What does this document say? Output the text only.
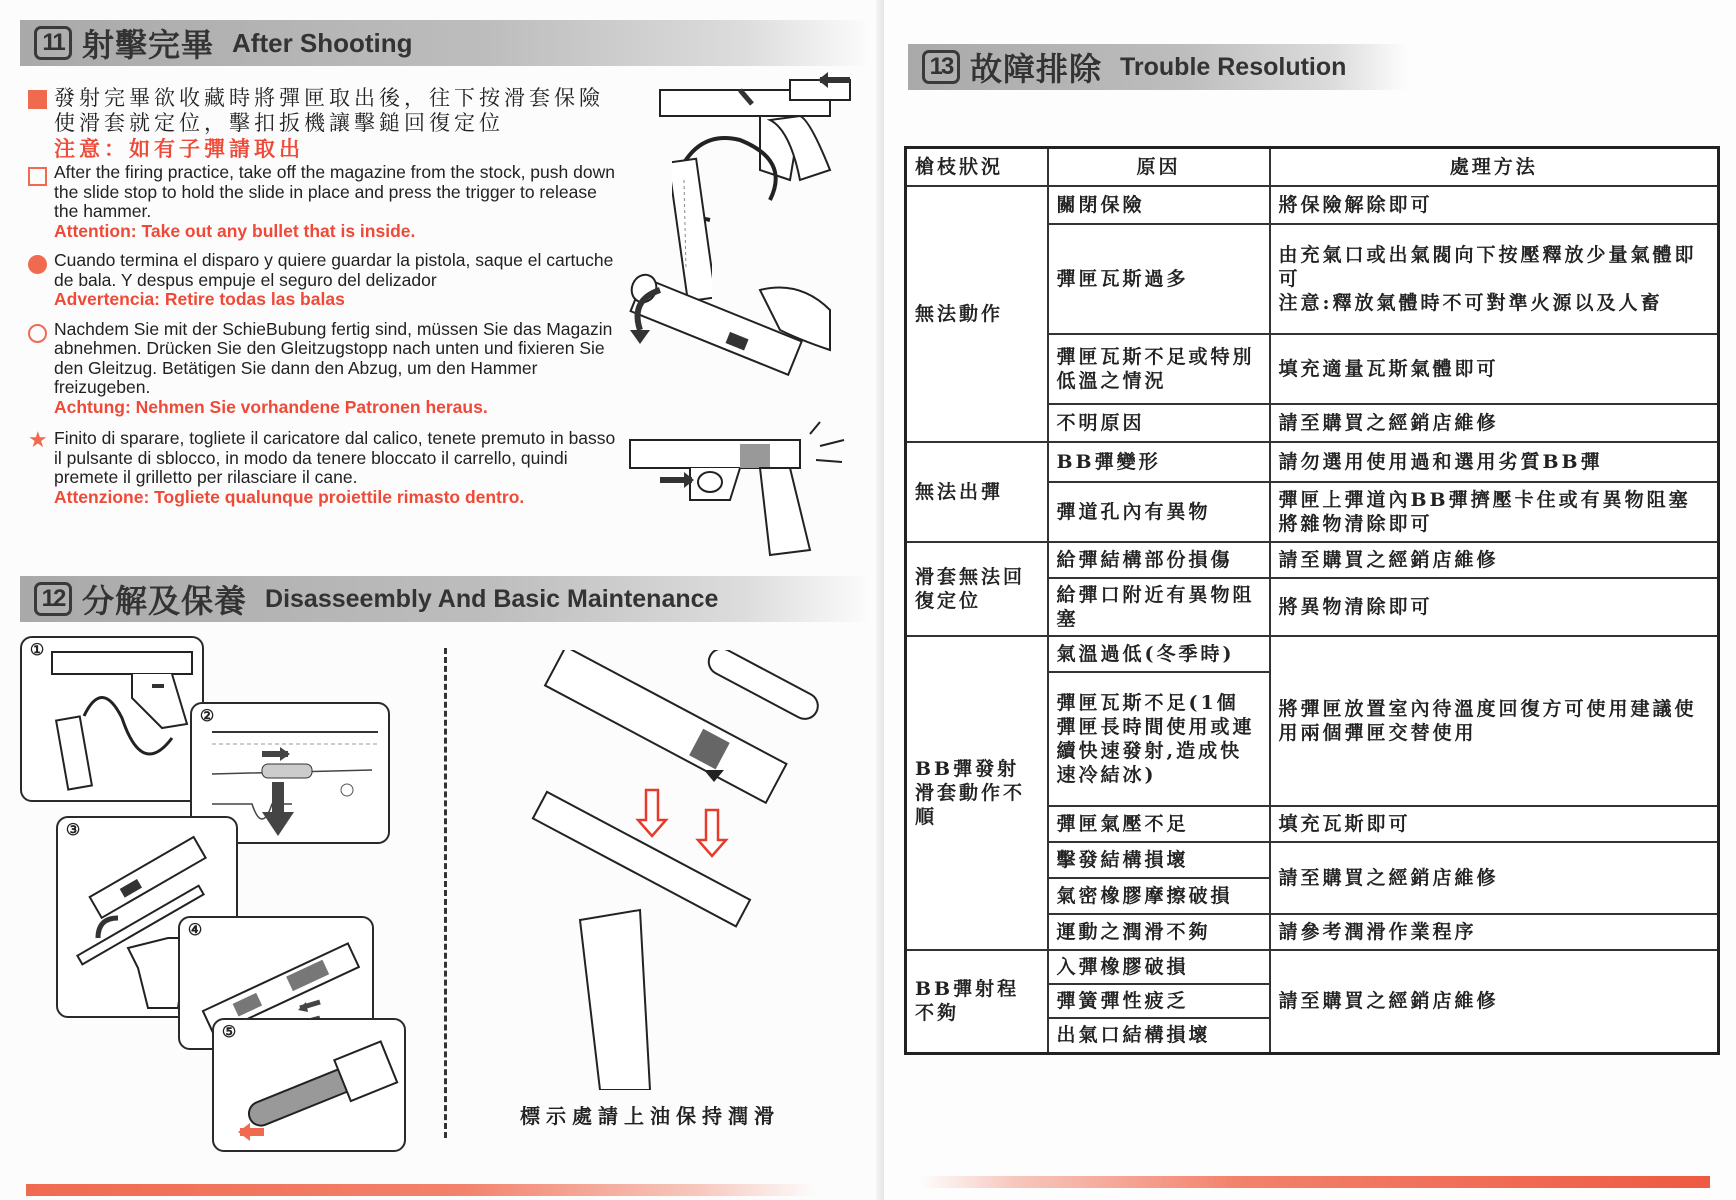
11 射擊完畢 After Shooting
發射完畢欲收藏時將彈匣取出後，往下按滑套保險使滑套就定位，擊扣扳機讓擊鎚回復定位
注意：如有子彈請取出
After the firing practice, take off the magazine from the stock, push down the slide stop to hold the slide in place and press the trigger to release the hammer.
Attention: Take out any bullet that is inside.
Cuando termina el disparo y quiere guardar la pistola, saque el cartuche de bala. Y despus empuje el seguro del delizador
Advertencia: Retire todas las balas
Nachdem Sie mit der SchieBubung fertig sind, müssen Sie das Magazin abnehmen. Drücken Sie den Gleitzugstopp nach unten und fixieren Sie den Gleitzug. Betätigen Sie dann den Abzug, um den Hammer freizugeben.
Achtung: Nehmen Sie vorhandene Patronen heraus.
★ Finito di sparare, togliete il caricatore dal calico, tenete premuto in basso il pulsante di sblocco, in modo da tenere bloccato il carrello, quindi premete il grilletto per rilasciare il cane.
Attenzione: Togliete qualunque proiettile rimasto dentro.
12 分解及保養 Disasseembly And Basic Maintenance
①
②
③
④
⑤
標示處請上油保持潤滑
13 故障排除 Trouble Resolution
槍枝狀況	原因	處理方法
無法動作	關閉保險	將保險解除即可

	彈匣瓦斯過多	由充氣口或出氣閥向下按壓釋放少量氣體即可
注意:釋放氣體時不可對準火源以及人畜

	彈匣瓦斯不足或特別低溫之情況	填充適量瓦斯氣體即可

	不明原因	請至購買之經銷店維修

無法出彈	BB彈變形	請勿選用使用過和選用劣質BB彈

	彈道孔內有異物	彈匣上彈道內BB彈擠壓卡住或有異物阻塞將雜物清除即可

滑套無法回復定位	給彈結構部份損傷	請至購買之經銷店維修

	給彈口附近有異物阻塞	將異物清除即可

BB彈發射滑套動作不順	氣溫過低(冬季時)	將彈匣放置室內待溫度回復方可使用建議使用兩個彈匣交替使用

	彈匣瓦斯不足(1個彈匣長時間使用或連續快速發射,造成快速冷結冰)	
	彈匣氣壓不足	填充瓦斯即可

	擊發結構損壞	請至購買之經銷店維修

	氣密橡膠摩擦破損	
	運動之潤滑不夠	請參考潤滑作業程序

BB彈射程不夠	入彈橡膠破損	請至購買之經銷店維修

	彈簧彈性疲乏	
	出氣口結構損壞	
